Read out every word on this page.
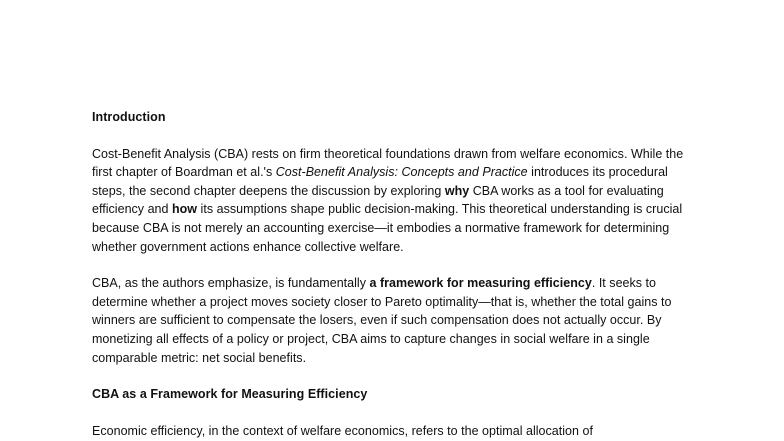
Introduction
Cost-Benefit Analysis (CBA) rests on firm theoretical foundations drawn from welfare economics. While the first chapter of Boardman et al.'s Cost-Benefit Analysis: Concepts and Practice introduces its procedural steps, the second chapter deepens the discussion by exploring why CBA works as a tool for evaluating efficiency and how its assumptions shape public decision-making. This theoretical understanding is crucial because CBA is not merely an accounting exercise—it embodies a normative framework for determining whether government actions enhance collective welfare.
CBA, as the authors emphasize, is fundamentally a framework for measuring efficiency. It seeks to determine whether a project moves society closer to Pareto optimality—that is, whether the total gains to winners are sufficient to compensate the losers, even if such compensation does not actually occur. By monetizing all effects of a policy or project, CBA aims to capture changes in social welfare in a single comparable metric: net social benefits.
CBA as a Framework for Measuring Efficiency
Economic efficiency, in the context of welfare economics, refers to the optimal allocation of
